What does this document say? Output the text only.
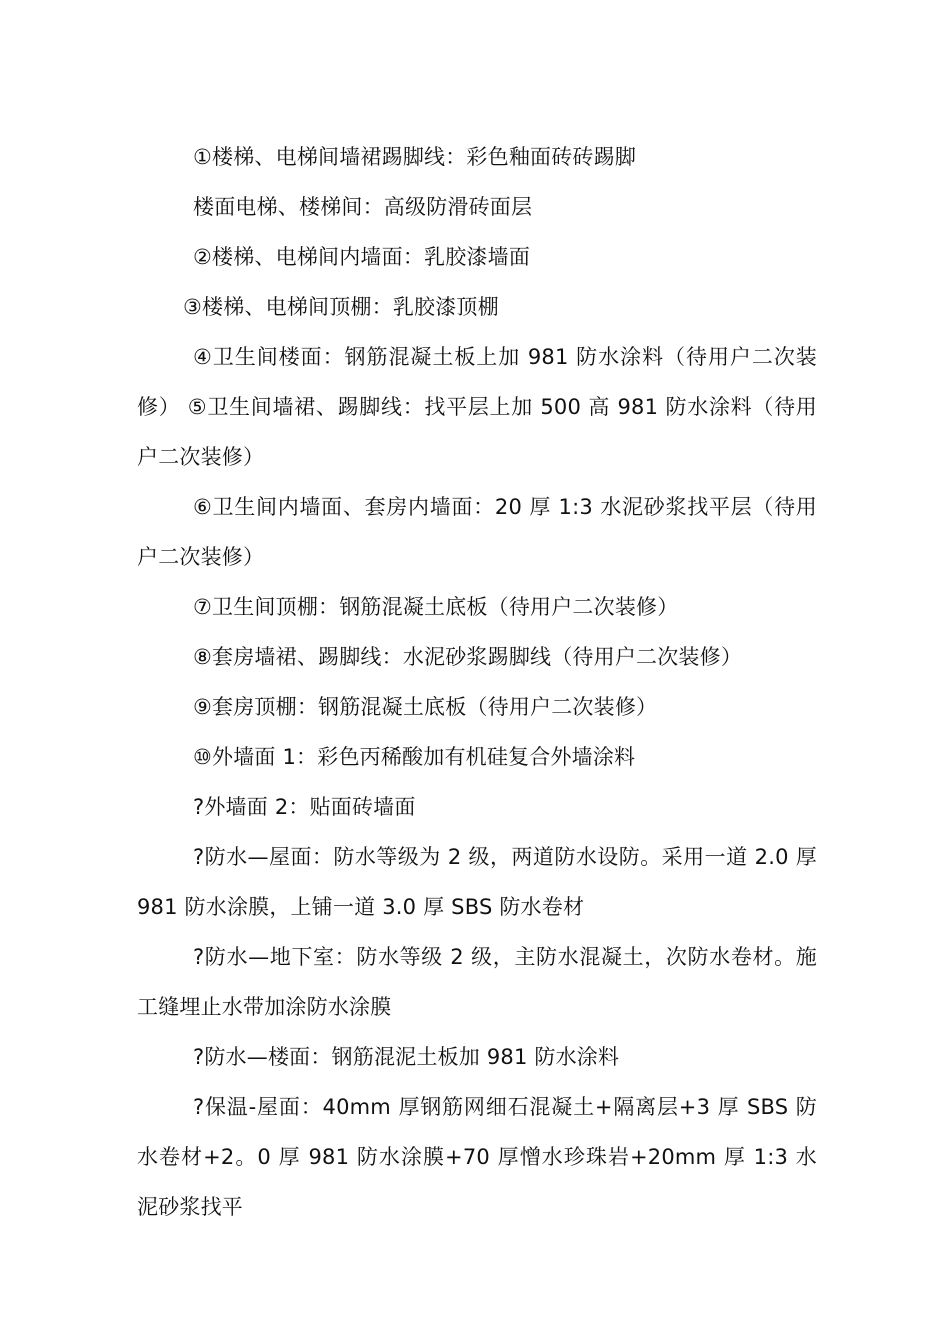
①楼梯、电梯间墙裙踢脚线：彩色釉面砖砖踢脚

楼面电梯、楼梯间：高级防滑砖面层

②楼梯、电梯间内墙面：乳胶漆墙面

③楼梯、电梯间顶棚：乳胶漆顶棚

④卫生间楼面：钢筋混凝土板上加 981 防水涂料（待用户二次装修） ⑤卫生间墙裙、踢脚线：找平层上加 500 高 981 防水涂料（待用户二次装修）

⑥卫生间内墙面、套房内墙面：20 厚 1:3 水泥砂浆找平层（待用户二次装修）

⑦卫生间顶棚：钢筋混凝土底板（待用户二次装修）

⑧套房墙裙、踢脚线：水泥砂浆踢脚线（待用户二次装修）

⑨套房顶棚：钢筋混凝土底板（待用户二次装修）

⑩外墙面 1：彩色丙稀酸加有机硅复合外墙涂料

?外墙面 2：贴面砖墙面

?防水—屋面：防水等级为 2 级，两道防水设防。采用一道 2.0 厚 981 防水涂膜，上铺一道 3.0 厚 SBS 防水卷材

?防水—地下室：防水等级 2 级，主防水混凝土，次防水卷材。施工缝埋止水带加涂防水涂膜

?防水—楼面：钢筋混泥土板加 981 防水涂料

?保温-屋面：40mm 厚钢筋网细石混凝土+隔离层+3 厚 SBS 防水卷材+2。0 厚 981 防水涂膜+70 厚憎水珍珠岩+20mm 厚 1:3 水泥砂浆找平
